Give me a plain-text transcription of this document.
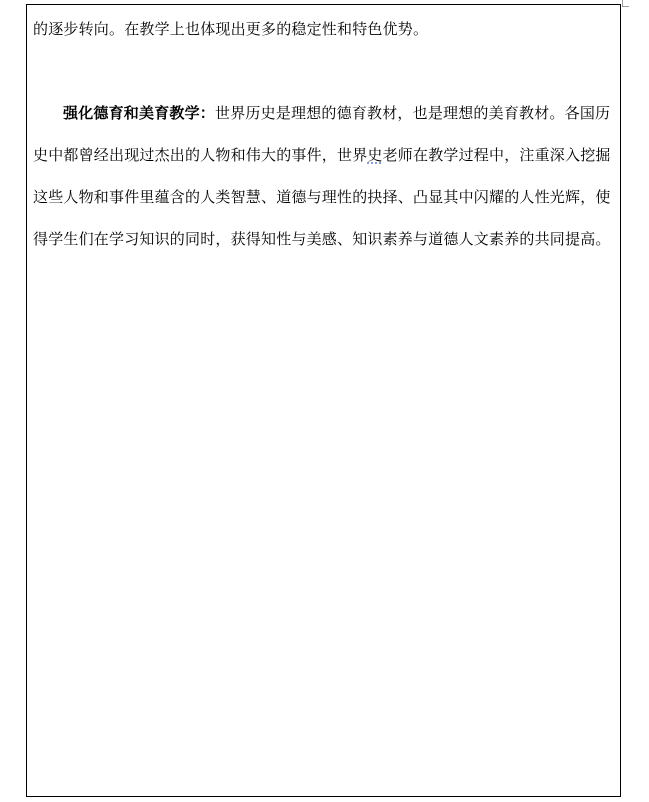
的逐步转向。在教学上也体现出更多的稳定性和特色优势。

强化德育和美育教学：世界历史是理想的德育教材，也是理想的美育教材。各国历史中都曾经出现过杰出的人物和伟大的事件，世界史老师在教学过程中，注重深入挖掘这些人物和事件里蕴含的人类智慧、道德与理性的抉择、凸显其中闪耀的人性光辉，使得学生们在学习知识的同时，获得知性与美感、知识素养与道德人文素养的共同提高。
